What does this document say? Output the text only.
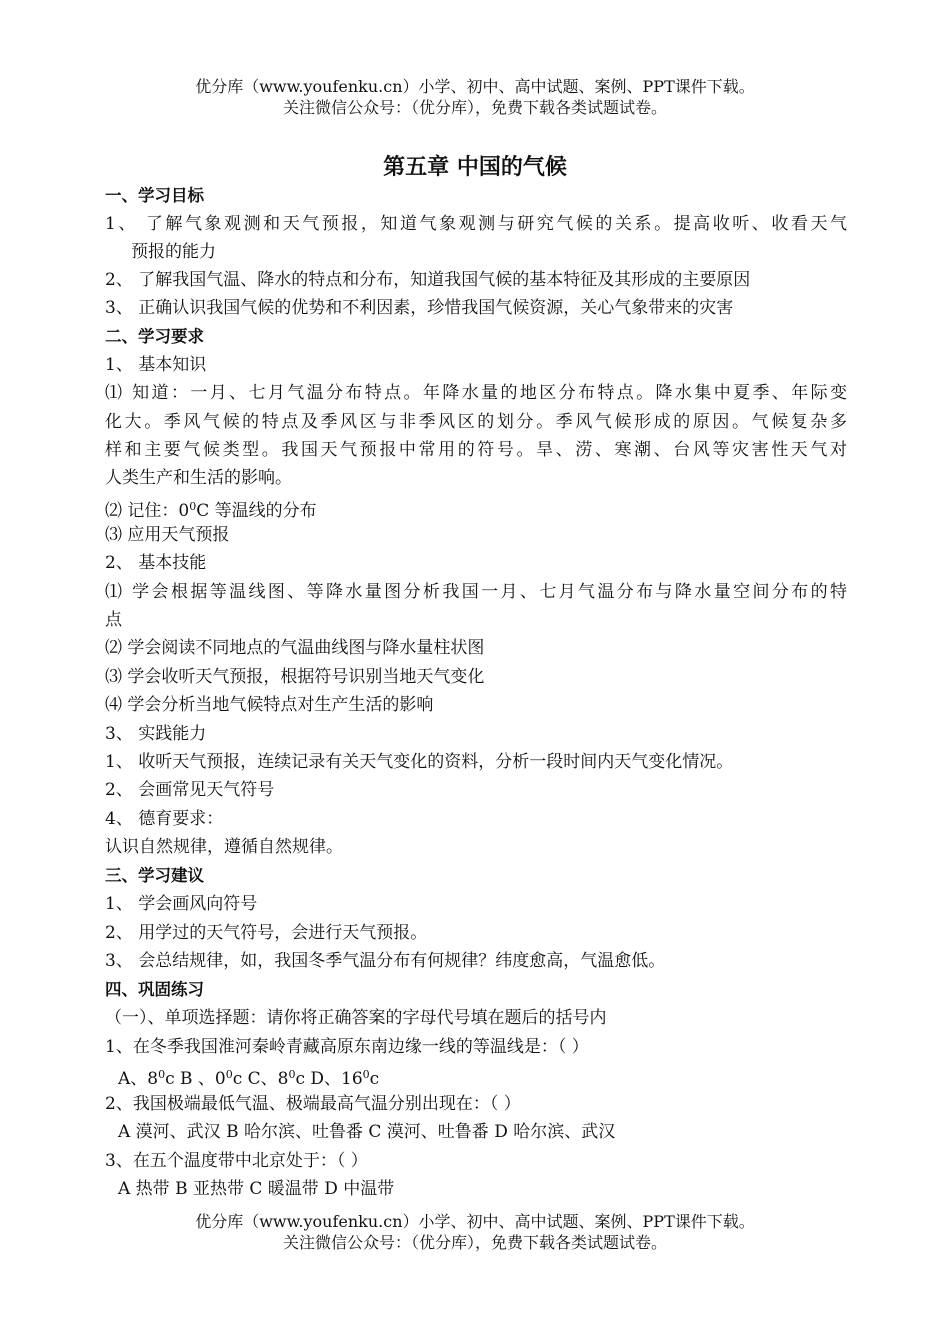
优分库（www.youfenku.cn）小学、初中、高中试题、案例、PPT课件下载。
关注微信公众号：（优分库），免费下载各类试题试卷。
第五章 中国的气候
一、学习目标
1、 了解气象观测和天气预报，知道气象观测与研究气候的关系。提高收听、收看天气
预报的能力
2、 了解我国气温、降水的特点和分布，知道我国气候的基本特征及其形成的主要原因
3、 正确认识我国气候的优势和不利因素，珍惜我国气候资源，关心气象带来的灾害
二、学习要求
1、 基本知识
⑴ 知道：一月、七月气温分布特点。年降水量的地区分布特点。降水集中夏季、年际变
化大。季风气候的特点及季风区与非季风区的划分。季风气候形成的原因。气候复杂多
样和主要气候类型。我国天气预报中常用的符号。旱、涝、寒潮、台风等灾害性天气对
人类生产和生活的影响。
⑵ 记住：$0^0C$ 等温线的分布
⑶ 应用天气预报
2、 基本技能
⑴ 学会根据等温线图、等降水量图分析我国一月、七月气温分布与降水量空间分布的特
点
⑵ 学会阅读不同地点的气温曲线图与降水量柱状图
⑶ 学会收听天气预报，根据符号识别当地天气变化
⑷ 学会分析当地气候特点对生产生活的影响
3、 实践能力
1、 收听天气预报，连续记录有关天气变化的资料，分析一段时间内天气变化情况。
2、 会画常见天气符号
4、 德育要求：
认识自然规律，遵循自然规律。
三、学习建议
1、 学会画风向符号
2、 用学过的天气符号，会进行天气预报。
3、 会总结规律，如，我国冬季气温分布有何规律？纬度愈高，气温愈低。
四、巩固练习
（一）、单项选择题：请你将正确答案的字母代号填在题后的括号内
1、在冬季我国淮河秦岭青藏高原东南边缘一线的等温线是：（ ）
A、$8^0c$ B 、$0^0c$ C、$8^0c$ D、$16^0c$
2、我国极端最低气温、极端最高气温分别出现在：（ ）
A 漠河、武汉 B 哈尔滨、吐鲁番 C 漠河、吐鲁番 D 哈尔滨、武汉
3、在五个温度带中北京处于：（ ）
A 热带 B 亚热带 C 暖温带 D 中温带
优分库（www.youfenku.cn）小学、初中、高中试题、案例、PPT课件下载。
关注微信公众号：（优分库），免费下载各类试题试卷。
